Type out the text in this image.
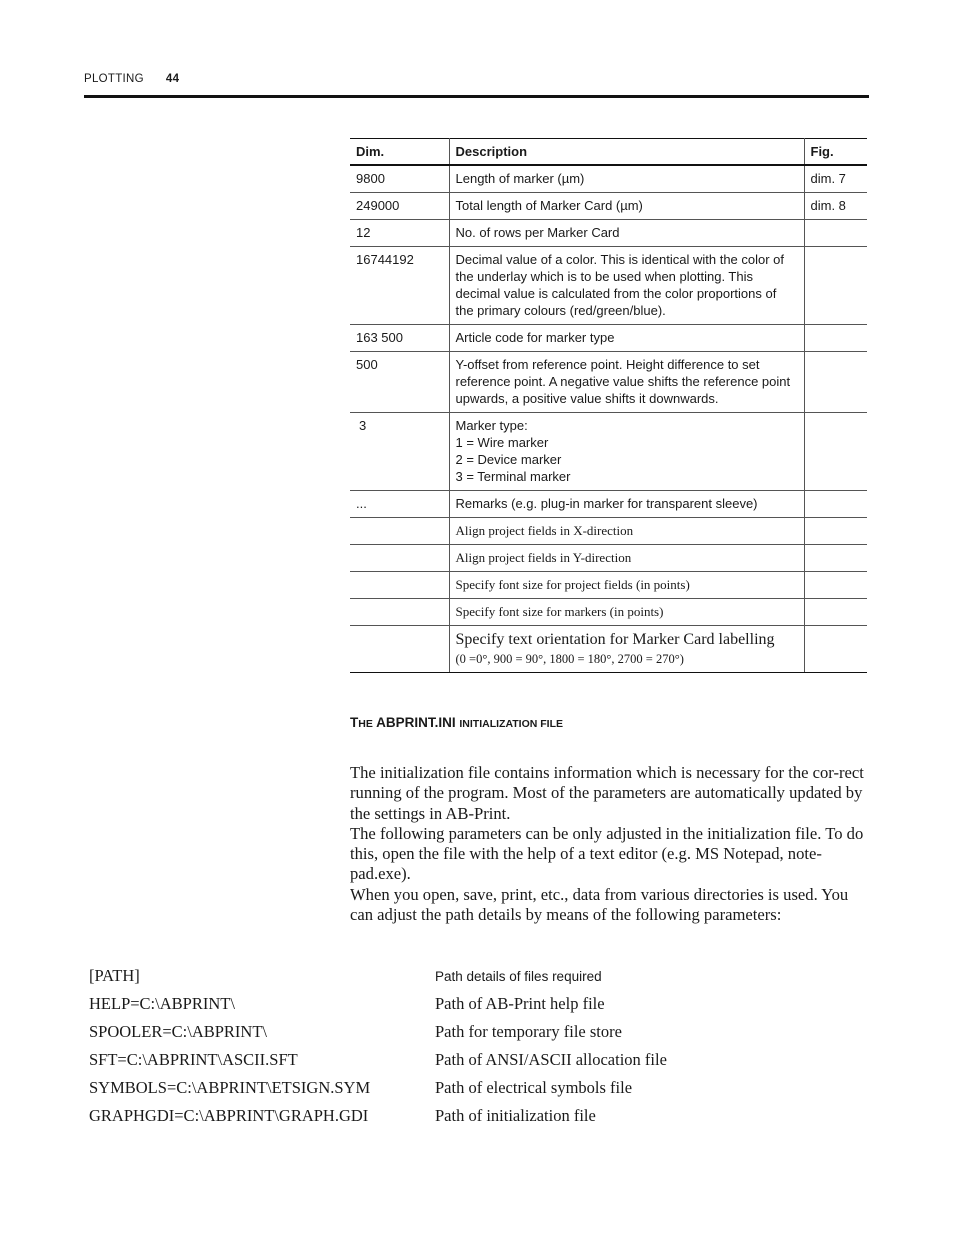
PLOTTING 44
Dim.	Description	Fig.
9800	Length of marker (µm)	dim. 7
249000	Total length of Marker Card (µm)	dim. 8
12	No. of rows per Marker Card	
16744192	Decimal value of a color. This is identical with the color of the underlay which is to be used when plotting. This decimal value is calculated from the color proportions of the primary colours (red/green/blue).	
163 500	Article code for marker type	
500	Y-offset from reference point. Height difference to set reference point. A negative value shifts the reference point upwards, a positive value shifts it downwards.	
3	Marker type:
1 = Wire marker
2 = Device marker
3 = Terminal marker	

...	Remarks (e.g. plug-in marker for transparent sleeve)	
	Align project fields in X-direction	
	Align project fields in Y-direction	
	Specify font size for project fields (in points)	
	Specify font size for markers (in points)	
	Specify text orientation for Marker Card labelling
(0 =0°, 900 = 90°, 1800 = 180°, 2700 = 270°)	

THE ABPRINT.INI INITIALIZATION FILE

The initialization file contains information which is necessary for the cor-rect running of the program. Most of the parameters are automatically updated by the settings in AB-Print.

The following parameters can be only adjusted in the initialization file. To do this, open the file with the help of a text editor (e.g. MS Notepad, note-pad.exe).

When you open, save, print, etc., data from various directories is used. You can adjust the path details by means of the following parameters:

[PATH]	Path details of files required
HELP=C:\ABPRINT\	Path of AB-Print help file
SPOOLER=C:\ABPRINT\	Path for temporary file store
SFT=C:\ABPRINT\ASCII.SFT	Path of ANSI/ASCII allocation file
SYMBOLS=C:\ABPRINT\ETSIGN.SYM	Path of electrical symbols file
GRAPHGDI=C:\ABPRINT\GRAPH.GDI	Path of initialization file
